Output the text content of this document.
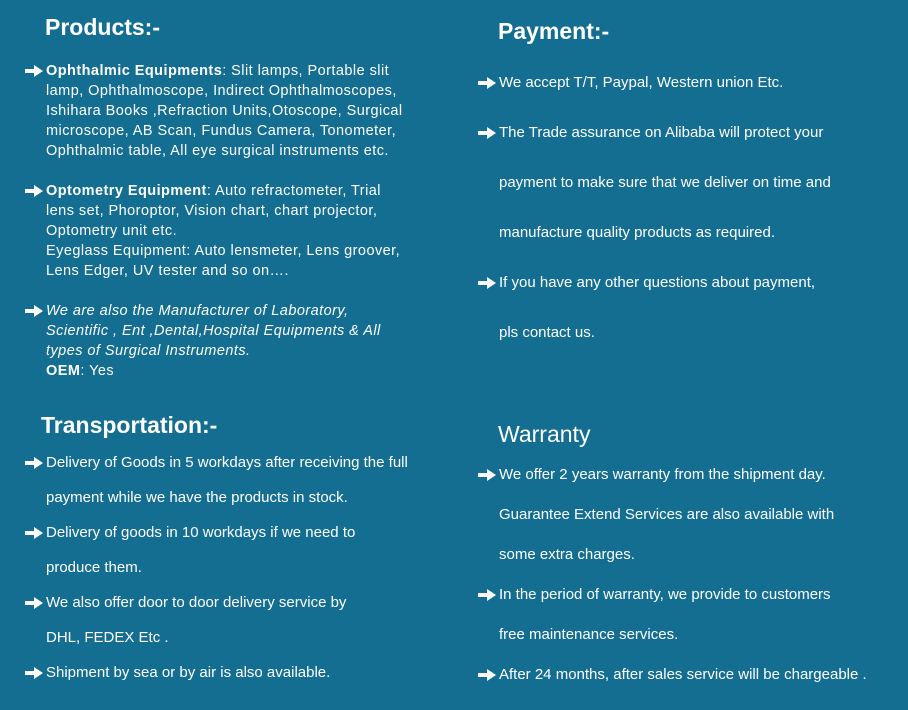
Products:-
Ophthalmic Equipments: Slit lamps, Portable slit
lamp, Ophthalmoscope, Indirect Ophthalmoscopes,
Ishihara Books ,Refraction Units,Otoscope, Surgical
microscope, AB Scan, Fundus Camera, Tonometer,
Ophthalmic table, All eye surgical instruments etc.
Optometry Equipment: Auto refractometer, Trial
lens set, Phoroptor, Vision chart, chart projector,
Optometry unit etc.
Eyeglass Equipment: Auto lensmeter, Lens groover,
Lens Edger, UV tester and so on….
We are also the Manufacturer of Laboratory,
Scientific , Ent ,Dental,Hospital Equipments & All
types of Surgical Instruments.
OEM: Yes
Payment:-
We accept T/T, Paypal, Western union Etc.
The Trade assurance on Alibaba will protect your
payment to make sure that we deliver on time and
manufacture quality products as required.
If you have any other questions about payment,
pls contact us.
Transportation:-
Delivery of Goods in 5 workdays after receiving the full
payment while we have the products in stock.
Delivery of goods in 10 workdays if we need to
produce them.
We also offer door to door delivery service by
DHL, FEDEX Etc .
Shipment by sea or by air is also available.
Warranty
We offer 2 years warranty from the shipment day.
Guarantee Extend Services are also available with
some extra charges.
In the period of warranty, we provide to customers
free maintenance services.
After 24 months, after sales service will be chargeable .
